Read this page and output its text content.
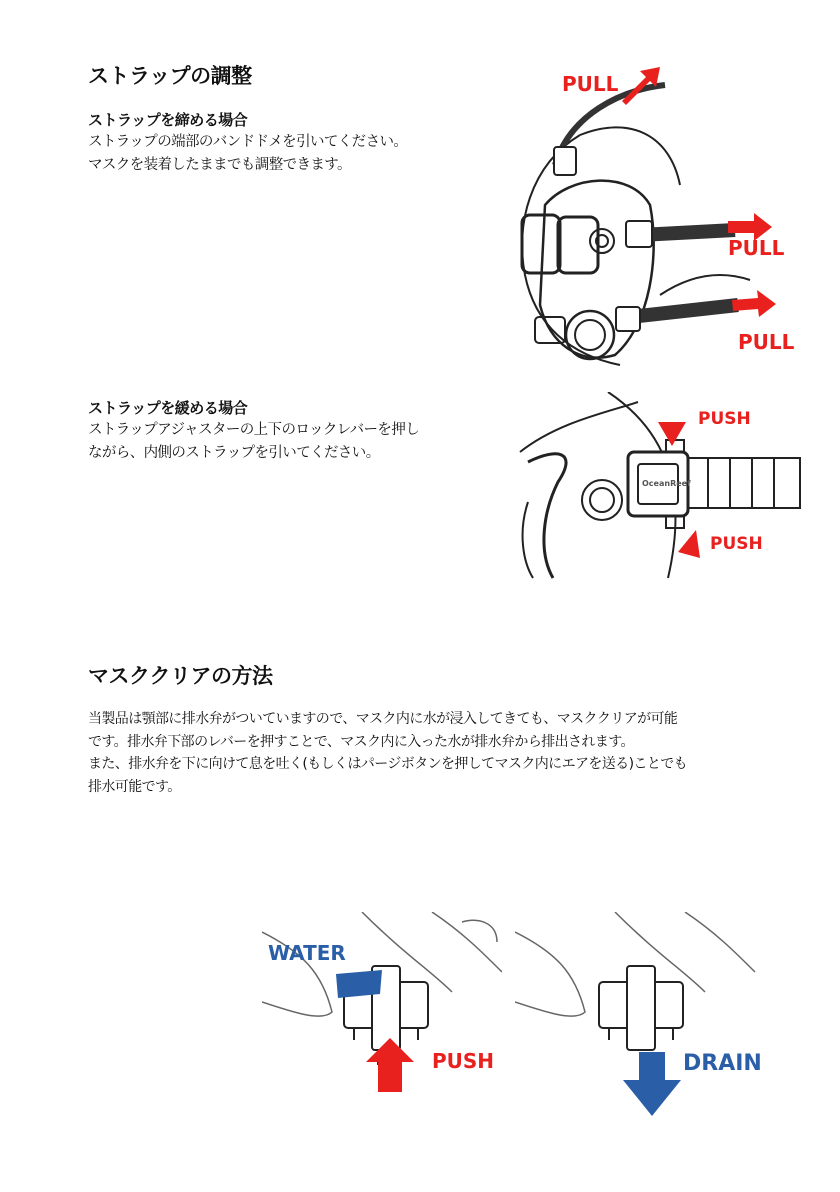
ストラップの調整
ストラップを締める場合

ストラップの端部のバンドドメを引いてください。

マスクを装着したままでも調整できます。

ストラップを緩める場合

ストラップアジャスターの上下のロックレバーを押し

ながら、内側のストラップを引いてください。

PULL
PULL
PULL
OceanReef
PUSH
PUSH
マスククリアの方法

当製品は顎部に排水弁がついていますので、マスク内に水が浸入してきても、マスククリアが可能

です。排水弁下部のレバーを押すことで、マスク内に入った水が排水弁から排出されます。

また、排水弁を下に向けて息を吐く(もしくはパージボタンを押してマスク内にエアを送る)ことでも

排水可能です。

WATER
PUSH	DRAIN
